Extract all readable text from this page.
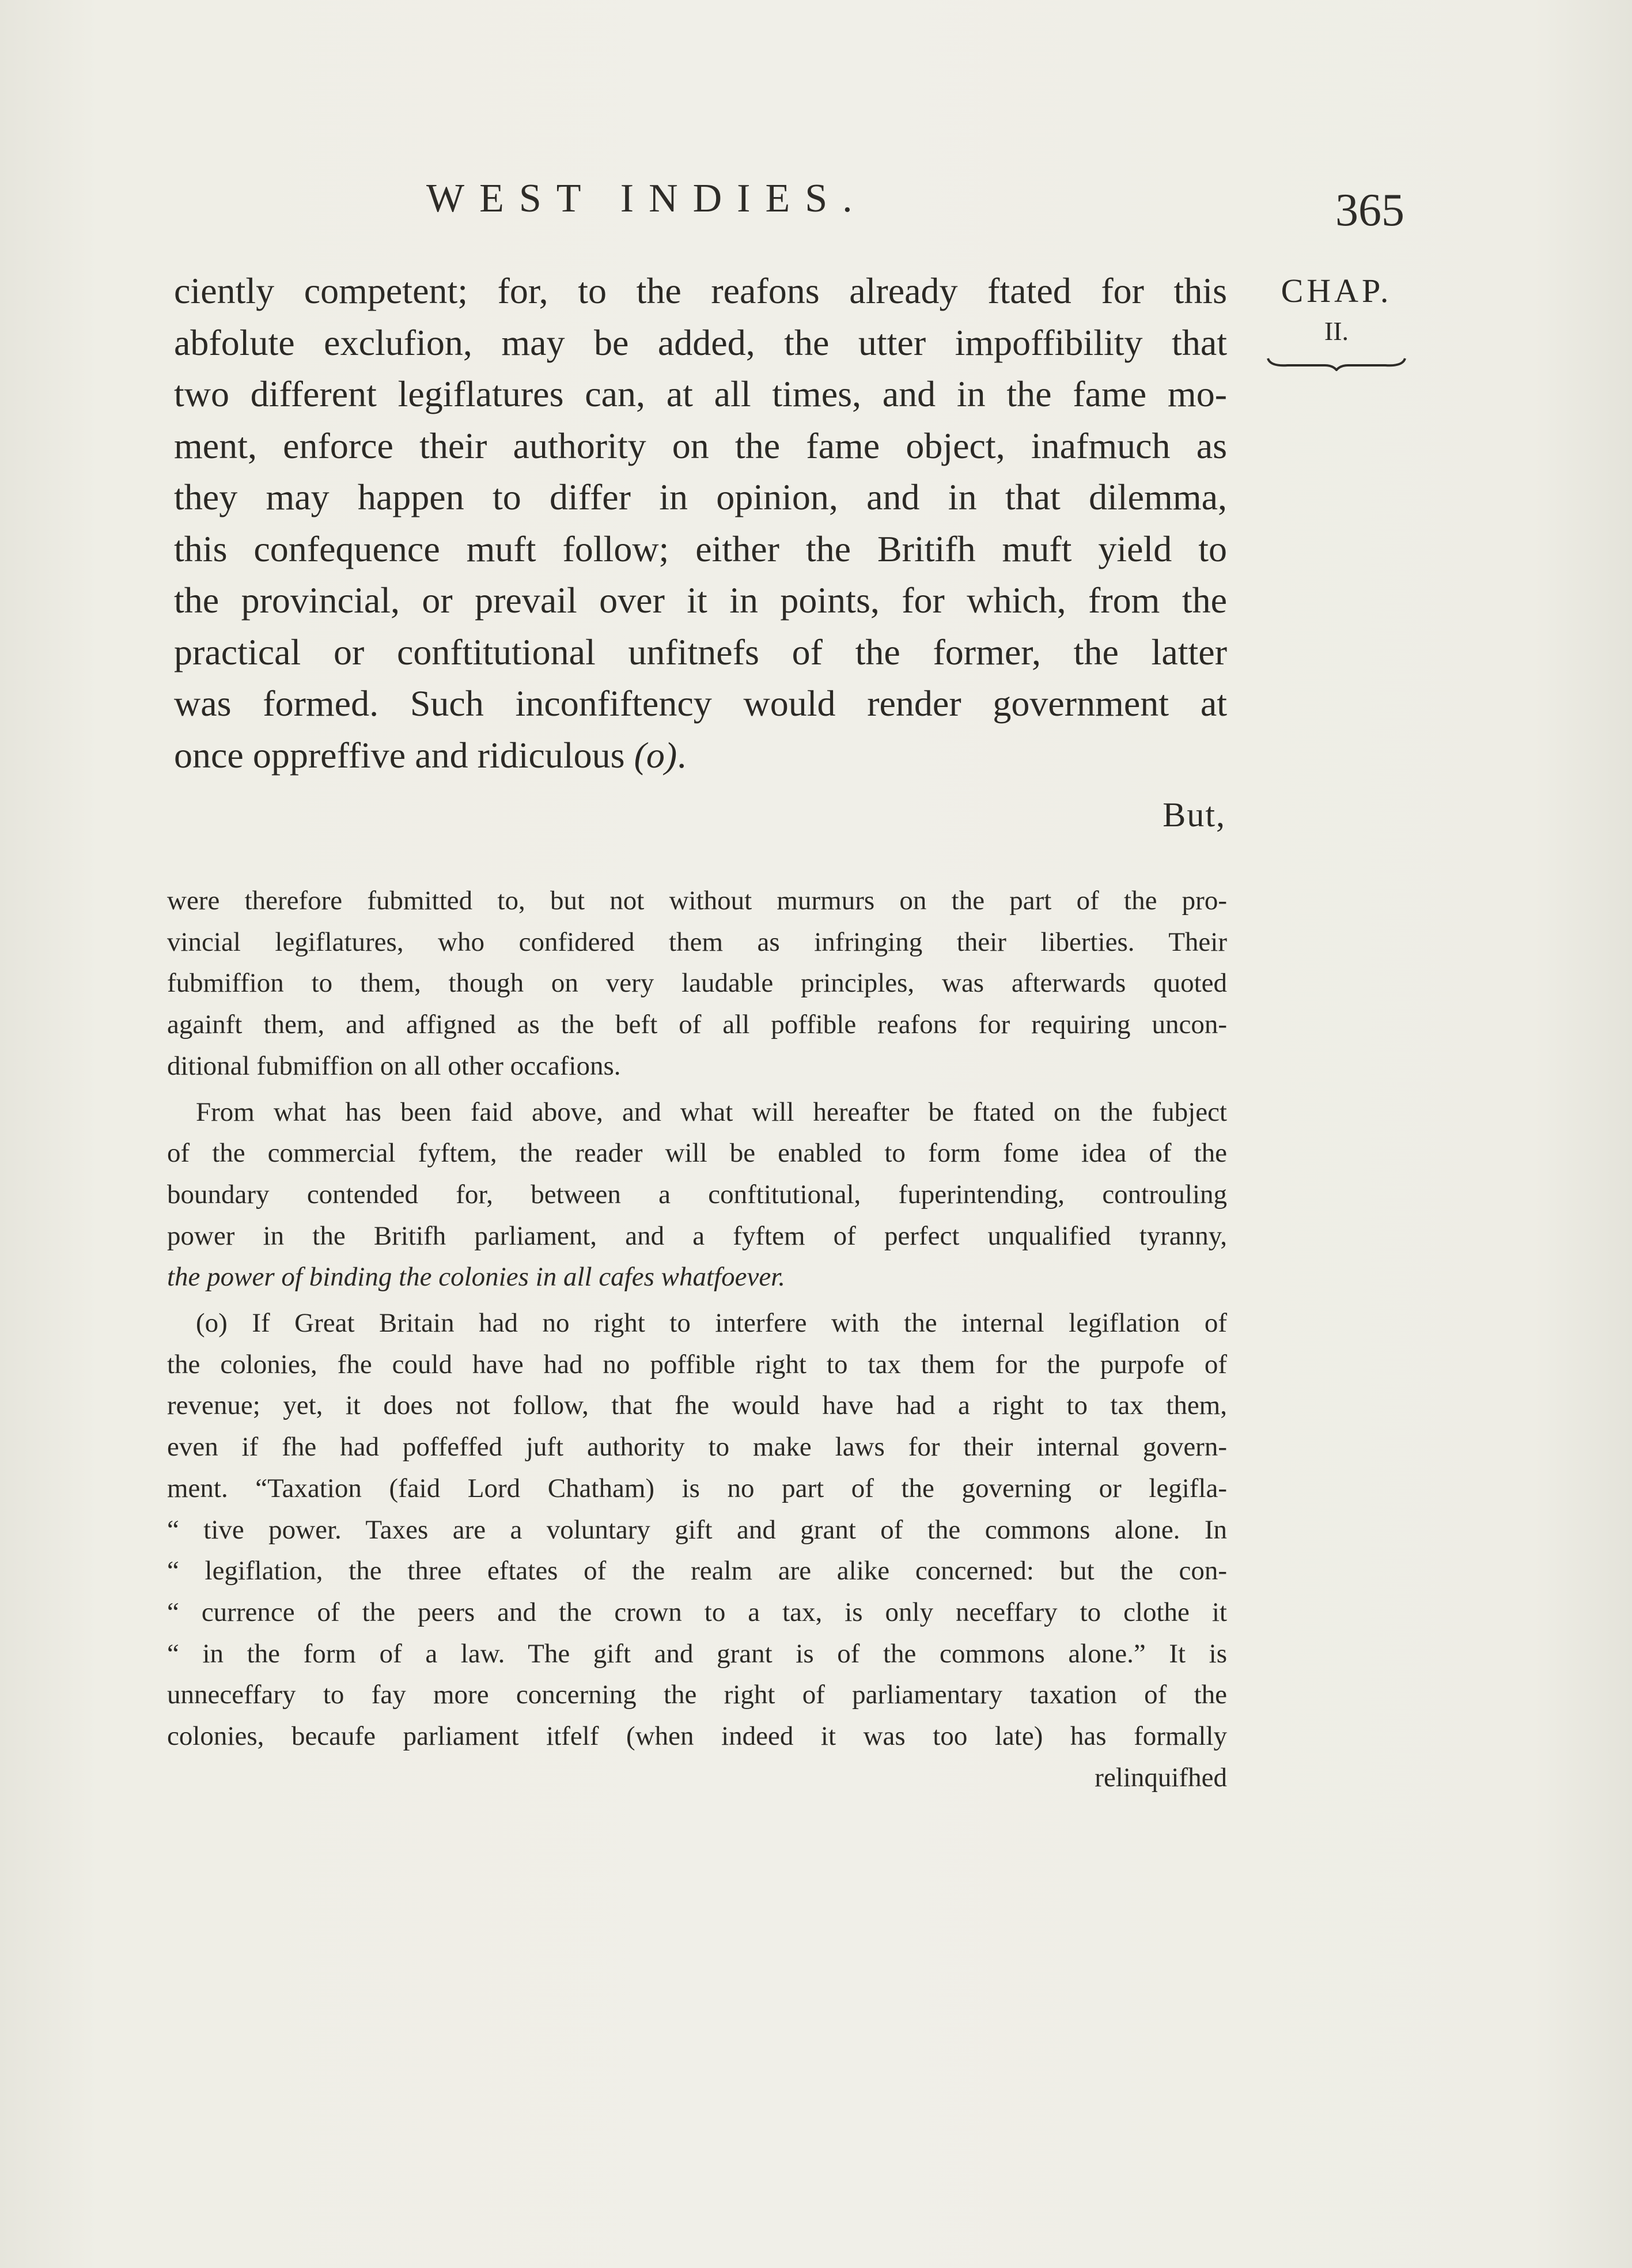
WEST INDIES.	365
CHAP.
II.
ciently competent; for, to the reafons already ftated for this
abfolute exclufion, may be added, the utter impoffibility that
two different legiflatures can, at all times, and in the fame mo-
ment, enforce their authority on the fame object, inafmuch as
they may happen to differ in opinion, and in that dilemma,
this confequence muft follow; either the Britifh muft yield to
the provincial, or prevail over it in points, for which, from the
practical or conftitutional unfitnefs of the former, the latter
was formed. Such inconfiftency would render government at
once oppreffive and ridiculous (o).
But,
were therefore fubmitted to, but not without murmurs on the part of the pro-
vincial legiflatures, who confidered them as infringing their liberties. Their
fubmiffion to them, though on very laudable principles, was afterwards quoted
againft them, and affigned as the beft of all poffible reafons for requiring uncon-
ditional fubmiffion on all other occafions.
From what has been faid above, and what will hereafter be ftated on the fubject
of the commercial fyftem, the reader will be enabled to form fome idea of the
boundary contended for, between a conftitutional, fuperintending, controuling
power in the Britifh parliament, and a fyftem of perfect unqualified tyranny,
the power of binding the colonies in all cafes whatfoever.
(o) If Great Britain had no right to interfere with the internal legiflation of
the colonies, fhe could have had no poffible right to tax them for the purpofe of
revenue; yet, it does not follow, that fhe would have had a right to tax them,
even if fhe had poffeffed juft authority to make laws for their internal govern-
ment. “Taxation (faid Lord Chatham) is no part of the governing or legifla-
“ tive power. Taxes are a voluntary gift and grant of the commons alone. In
“ legiflation, the three eftates of the realm are alike concerned: but the con-
“ currence of the peers and the crown to a tax, is only neceffary to clothe it
“ in the form of a law. The gift and grant is of the commons alone.” It is
unneceffary to fay more concerning the right of parliamentary taxation of the
colonies, becaufe parliament itfelf (when indeed it was too late) has formally
relinquifhed
